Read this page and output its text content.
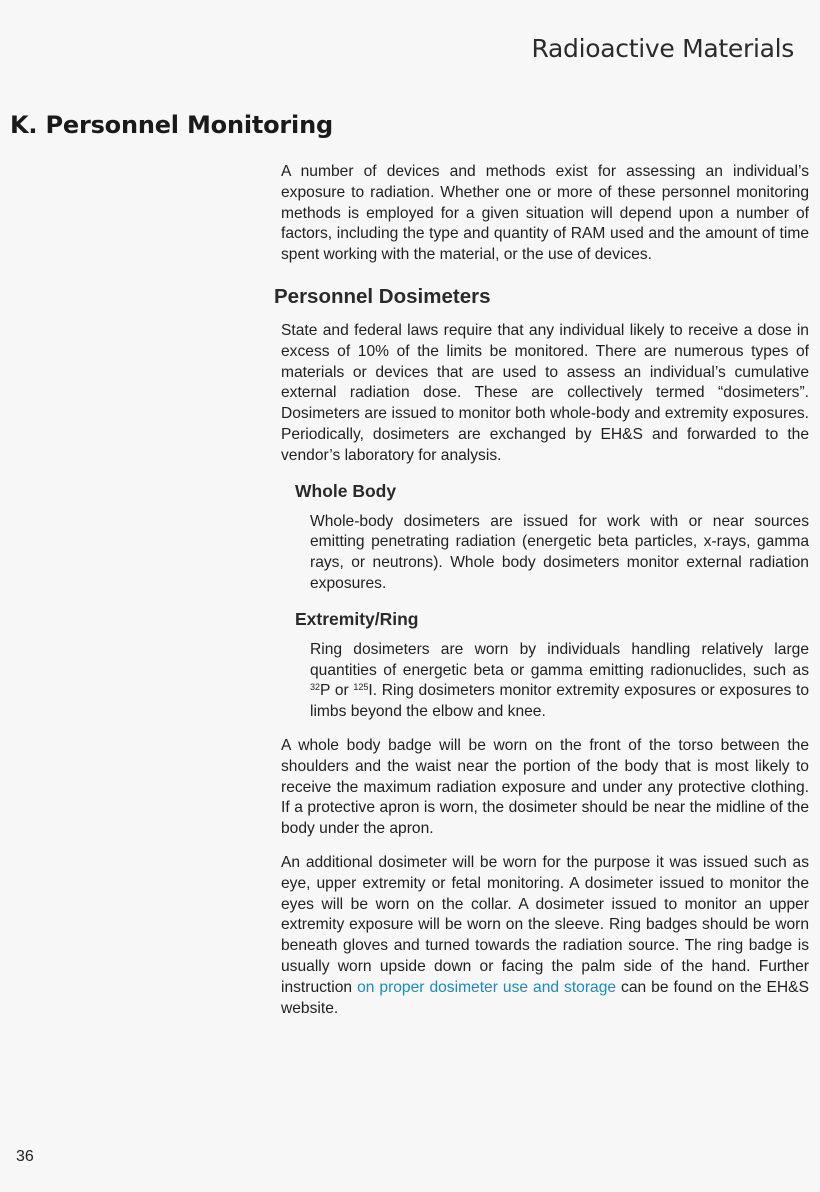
Radioactive Materials
K. Personnel Monitoring

A number of devices and methods exist for assessing an individual’s exposure to radiation. Whether one or more of these personnel monitoring methods is employed for a given situation will depend upon a number of factors, including the type and quantity of RAM used and the amount of time spent working with the material, or the use of devices.

Personnel Dosimeters

State and federal laws require that any individual likely to receive a dose in excess of 10% of the limits be monitored. There are numerous types of materials or devices that are used to assess an individual’s cumulative external radiation dose. These are collectively termed “dosimeters”. Dosimeters are issued to monitor both whole-body and extremity exposures. Periodically, dosimeters are exchanged by EH&S and forwarded to the vendor’s laboratory for analysis.

Whole Body

Whole-body dosimeters are issued for work with or near sources emitting penetrating radiation (energetic beta particles, x-rays, gamma rays, or neutrons). Whole body dosimeters monitor external radiation exposures.

Extremity/Ring

Ring dosimeters are worn by individuals handling relatively large quantities of energetic beta or gamma emitting radionuclides, such as $^{32}$P or $^{125}$I. Ring dosimeters monitor extremity exposures or exposures to limbs beyond the elbow and knee.

A whole body badge will be worn on the front of the torso between the shoulders and the waist near the portion of the body that is most likely to receive the maximum radiation exposure and under any protective clothing. If a protective apron is worn, the dosimeter should be near the midline of the body under the apron.

An additional dosimeter will be worn for the purpose it was issued such as eye, upper extremity or fetal monitoring. A dosimeter issued to monitor the eyes will be worn on the collar. A dosimeter issued to monitor an upper extremity exposure will be worn on the sleeve. Ring badges should be worn beneath gloves and turned towards the radiation source. The ring badge is usually worn upside down or facing the palm side of the hand. Further instruction on proper dosimeter use and storage can be found on the EH&S website.

36
